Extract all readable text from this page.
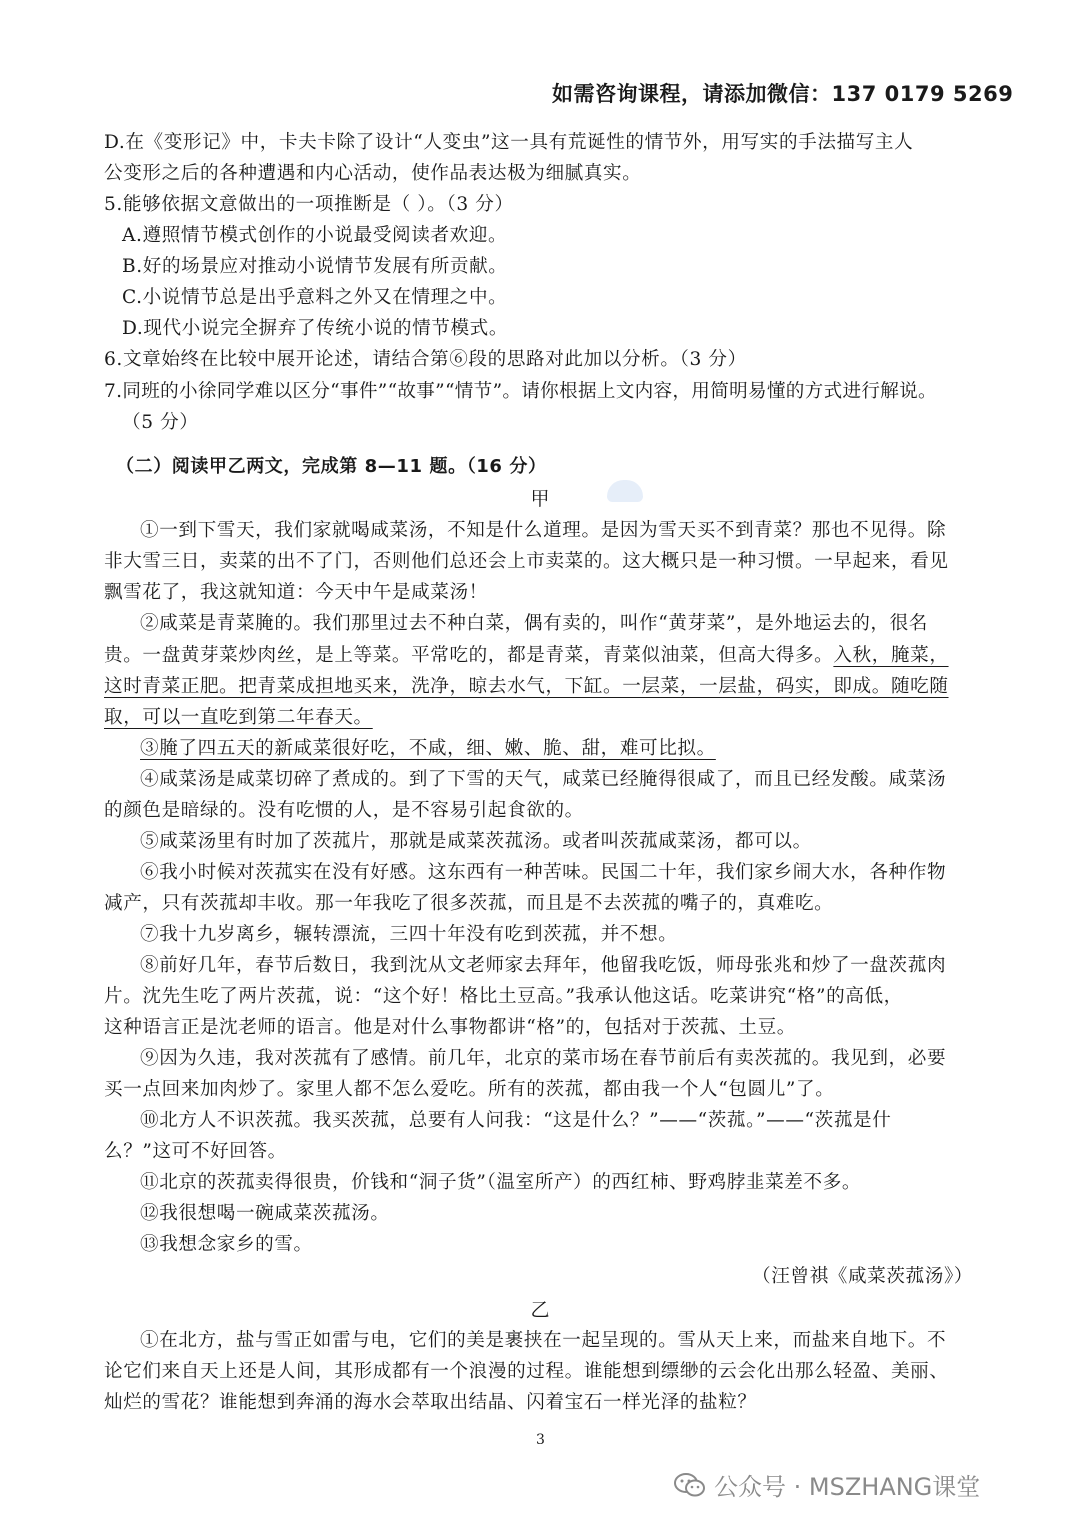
如需咨询课程，请添加微信：137 0179 5269
D.在《变形记》中，卡夫卡除了设计“人变虫”这一具有荒诞性的情节外，用写实的手法描写主人
公变形之后的各种遭遇和内心活动，使作品表达极为细腻真实。
5.能够依据文意做出的一项推断是（ ）。（3 分）
A.遵照情节模式创作的小说最受阅读者欢迎。
B.好的场景应对推动小说情节发展有所贡献。
C.小说情节总是出乎意料之外又在情理之中。
D.现代小说完全摒弃了传统小说的情节模式。
6.文章始终在比较中展开论述，请结合第⑥段的思路对此加以分析。（3 分）
7.同班的小徐同学难以区分“事件”“故事”“情节”。请你根据上文内容，用简明易懂的方式进行解说。
（5 分）
（二）阅读甲乙两文，完成第 8—11 题。（16 分）
甲
①一到下雪天，我们家就喝咸菜汤，不知是什么道理。是因为雪天买不到青菜？那也不见得。除
非大雪三日，卖菜的出不了门，否则他们总还会上市卖菜的。这大概只是一种习惯。一早起来，看见
飘雪花了，我这就知道：今天中午是咸菜汤！
②咸菜是青菜腌的。我们那里过去不种白菜，偶有卖的，叫作“黄芽菜”，是外地运去的，很名
贵。一盘黄芽菜炒肉丝，是上等菜。平常吃的，都是青菜，青菜似油菜，但高大得多。入秋，腌菜，
这时青菜正肥。把青菜成担地买来，洗净，晾去水气，下缸。一层菜，一层盐，码实，即成。随吃随
取，可以一直吃到第二年春天。
③腌了四五天的新咸菜很好吃，不咸，细、嫩、脆、甜，难可比拟。
④咸菜汤是咸菜切碎了煮成的。到了下雪的天气，咸菜已经腌得很咸了，而且已经发酸。咸菜汤
的颜色是暗绿的。没有吃惯的人，是不容易引起食欲的。
⑤咸菜汤里有时加了茨菰片，那就是咸菜茨菰汤。或者叫茨菰咸菜汤，都可以。
⑥我小时候对茨菰实在没有好感。这东西有一种苦味。民国二十年，我们家乡闹大水，各种作物
减产，只有茨菰却丰收。那一年我吃了很多茨菰，而且是不去茨菰的嘴子的，真难吃。
⑦我十九岁离乡，辗转漂流，三四十年没有吃到茨菰，并不想。
⑧前好几年，春节后数日，我到沈从文老师家去拜年，他留我吃饭，师母张兆和炒了一盘茨菰肉
片。沈先生吃了两片茨菰，说：“这个好！格比土豆高。”我承认他这话。吃菜讲究“格”的高低，
这种语言正是沈老师的语言。他是对什么事物都讲“格”的，包括对于茨菰、土豆。
⑨因为久违，我对茨菰有了感情。前几年，北京的菜市场在春节前后有卖茨菰的。我见到，必要
买一点回来加肉炒了。家里人都不怎么爱吃。所有的茨菰，都由我一个人“包圆儿”了。
⑩北方人不识茨菰。我买茨菰，总要有人问我：“这是什么？”——“茨菰。”——“茨菰是什
么？”这可不好回答。
⑪北京的茨菰卖得很贵，价钱和“洞子货”（温室所产）的西红柿、野鸡脖韭菜差不多。
⑫我很想喝一碗咸菜茨菰汤。
⑬我想念家乡的雪。
（汪曾祺《咸菜茨菰汤》）
乙
①在北方，盐与雪正如雷与电，它们的美是裹挟在一起呈现的。雪从天上来，而盐来自地下。不
论它们来自天上还是人间，其形成都有一个浪漫的过程。谁能想到缥缈的云会化出那么轻盈、美丽、
灿烂的雪花？谁能想到奔涌的海水会萃取出结晶、闪着宝石一样光泽的盐粒？
3
公众号 · MSZHANG课堂
